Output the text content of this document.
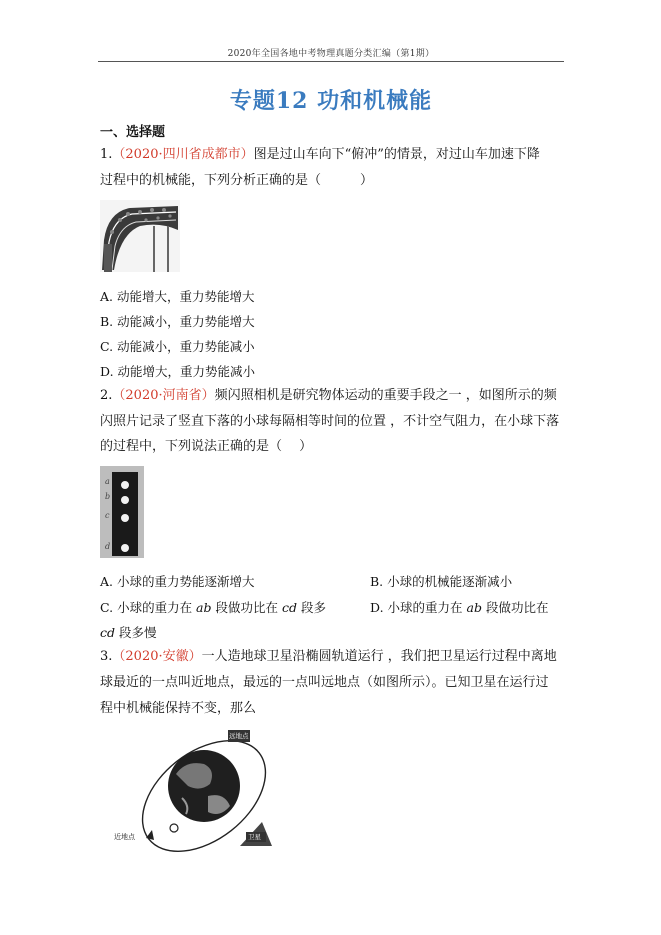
2020年全国各地中考物理真题分类汇编（第1期）
专题12 功和机械能
一、选择题
1.（2020·四川省成都市）图是过山车向下“俯冲”的情景，对过山车加速下降
过程中的机械能，下列分析正确的是（　　　）
A. 动能增大，重力势能增大
B. 动能减小，重力势能增大
C. 动能减小，重力势能减小
D. 动能增大，重力势能减小
2.（2020·河南省）频闪照相机是研究物体运动的重要手段之一 ，如图所示的频
闪照片记录了竖直下落的小球每隔相等时间的位置 ，不计空气阻力，在小球下落
的过程中，下列说法正确的是（　 ）
a
b
c
d
A. 小球的重力势能逐渐增大	B. 小球的机械能逐渐减小
C. 小球的重力在 ab 段做功比在 cd 段多	D. 小球的重力在 ab 段做功比在
cd 段多慢
3.（2020·安徽）一人造地球卫星沿椭圆轨道运行 ，我们把卫星运行过程中离地
球最近的一点叫近地点，最远的一点叫远地点（如图所示）。已知卫星在运行过
程中机械能保持不变，那么
远地点
近地点	卫星
